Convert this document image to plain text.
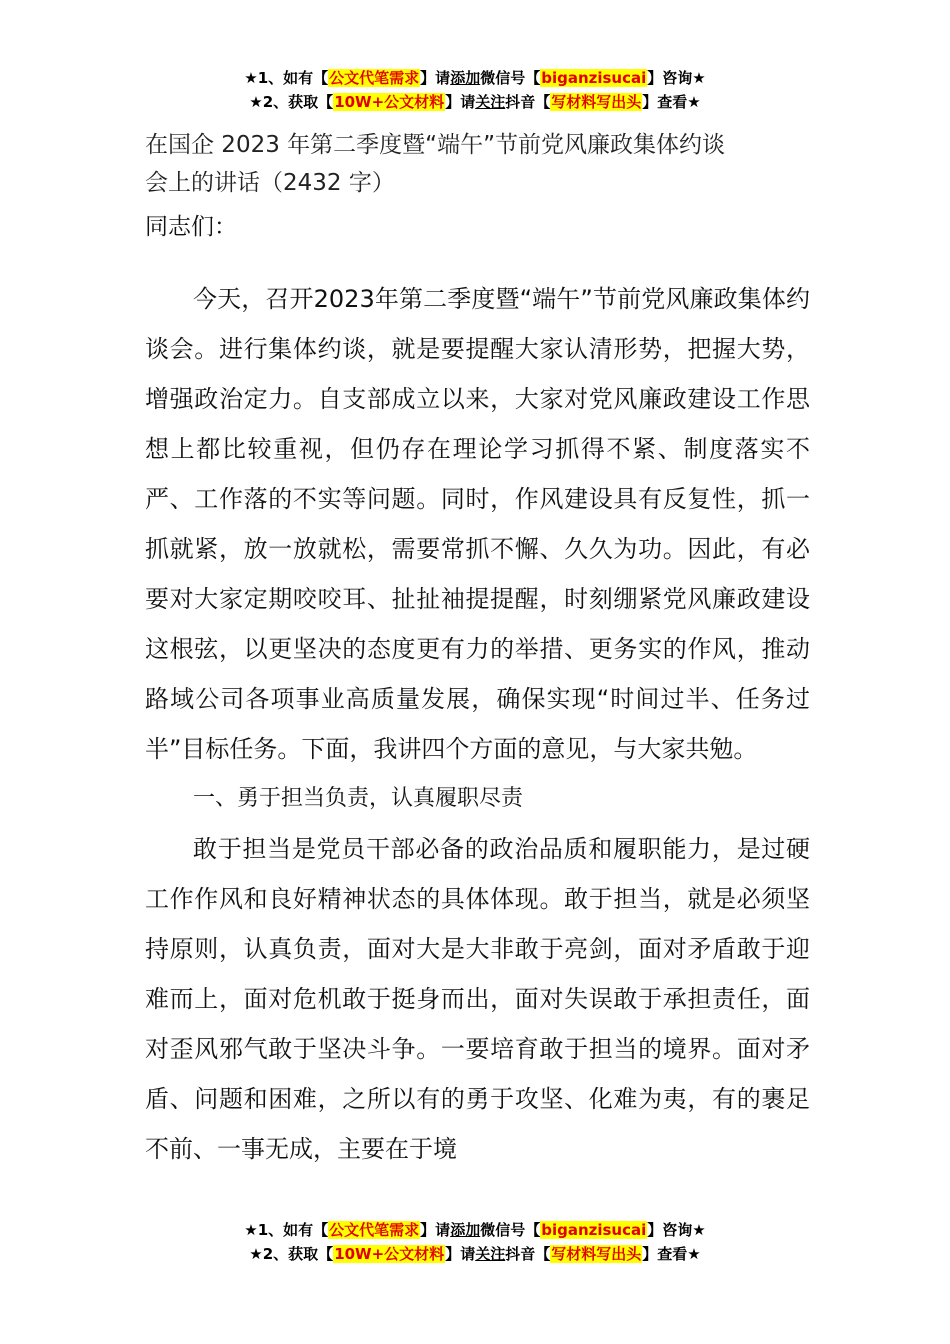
★1、如有【公文代笔需求】请添加微信号【biganzisucai】咨询★
★2、获取【10W+公文材料】请关注抖音【写材料写出头】查看★

在国企 2023 年第二季度暨“端午”节前党风廉政集体约谈
会上的讲话（2432 字）

同志们：

今天，召开2023年第二季度暨“端午”节前党风廉政集体约谈会。进行集体约谈，就是要提醒大家认清形势，把握大势，增强政治定力。自支部成立以来，大家对党风廉政建设工作思想上都比较重视，但仍存在理论学习抓得不紧、制度落实不严、工作落的不实等问题。同时，作风建设具有反复性，抓一抓就紧，放一放就松，需要常抓不懈、久久为功。因此，有必要对大家定期咬咬耳、扯扯袖提提醒，时刻绷紧党风廉政建设这根弦，以更坚决的态度更有力的举措、更务实的作风，推动路域公司各项事业高质量发展，确保实现“时间过半、任务过半”目标任务。下面，我讲四个方面的意见，与大家共勉。

一、勇于担当负责，认真履职尽责

敢于担当是党员干部必备的政治品质和履职能力，是过硬工作作风和良好精神状态的具体体现。敢于担当，就是必须坚持原则，认真负责，面对大是大非敢于亮剑，面对矛盾敢于迎难而上，面对危机敢于挺身而出，面对失误敢于承担责任，面对歪风邪气敢于坚决斗争。一要培育敢于担当的境界。面对矛盾、问题和困难，之所以有的勇于攻坚、化难为夷，有的裹足不前、一事无成，主要在于境

★1、如有【公文代笔需求】请添加微信号【biganzisucai】咨询★
★2、获取【10W+公文材料】请关注抖音【写材料写出头】查看★
